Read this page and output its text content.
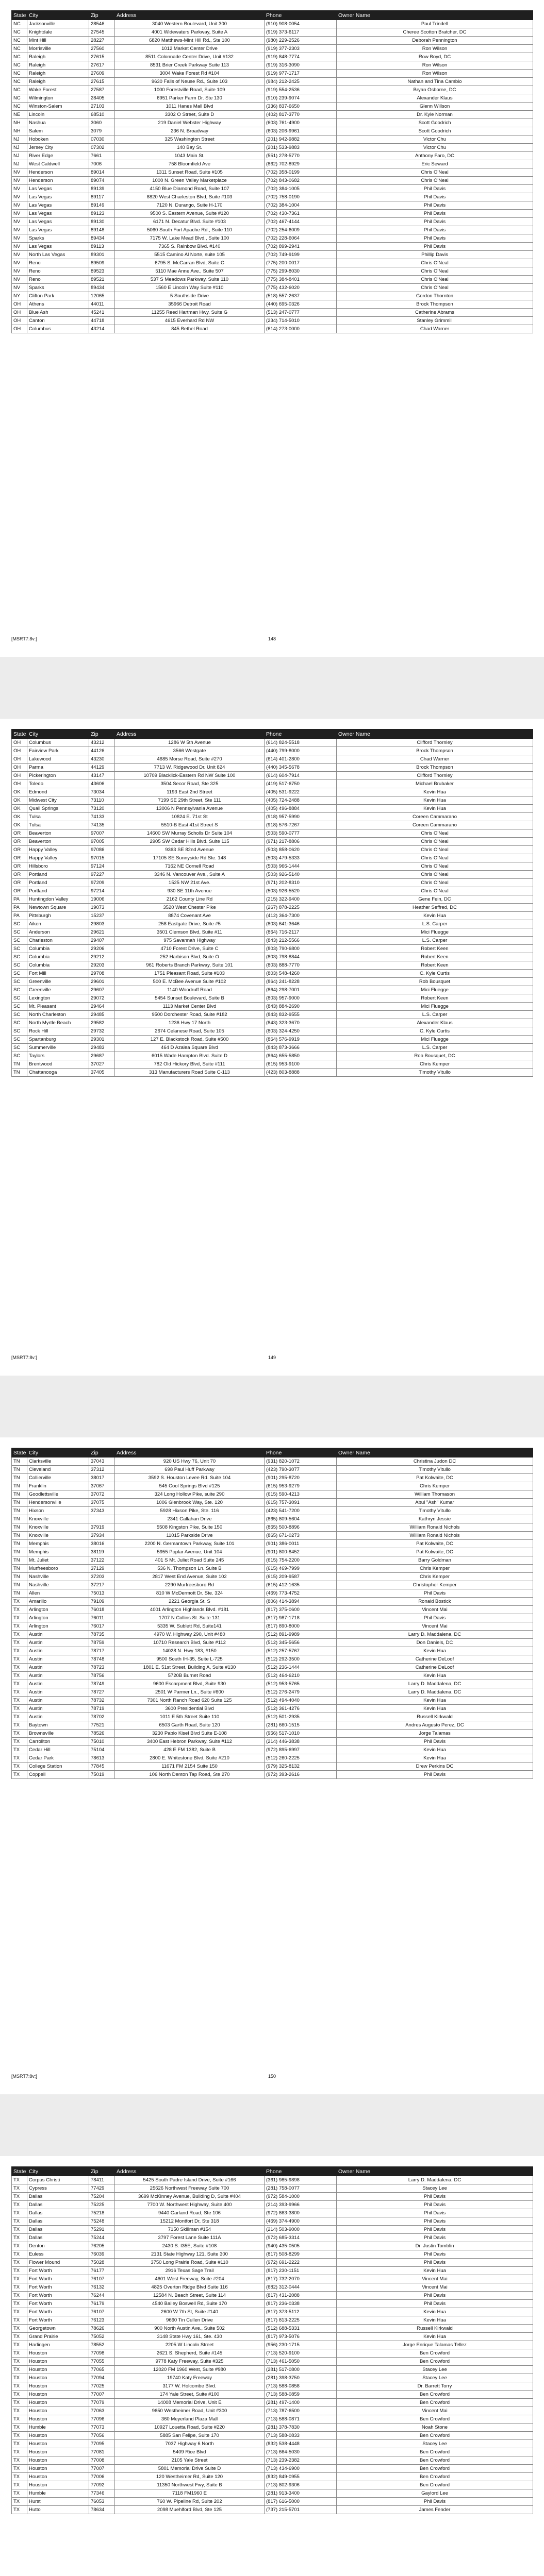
State	City	Zip	Address	Phone	Owner Name
NC	Jacksonville	28546	3040 Western Boulevard, Unit 300	(910) 908-0054	Paul Trindell
NC	Knightdale	27545	4001 Widewaters Parkway, Suite A	(919) 373-6117	Cheree Scotton Bratcher, DC
NC	Mint Hill	28227	6820 Matthews-Mint Hill Rd., Ste 100	(980) 229-2526	Deborah Pennington
NC	Morrisville	27560	1012 Market Center Drive	(919) 377-2303	Ron Wilson
NC	Raleigh	27615	8511 Colonnade Center Drive, Unit #132	(919) 848-7774	Row Boyd, DC
NC	Raleigh	27617	8531 Brier Creek Parkway Suite 113	(919) 316-3090	Ron Wilson
NC	Raleigh	27609	3004 Wake Forest Rd #104	(919) 977-1717	Ron Wilson
NC	Raleigh	27615	9630 Falls of Neuse Rd., Suite 103	(984) 212-2425	Nathan and Tina Cambio
NC	Wake Forest	27587	1000 Forestville Road, Suite 109	(919) 554-2536	Bryan Osborne, DC
NC	Wilmington	28405	6951 Parker Farm Dr. Ste 130	(910) 239-9074	Alexander Klaus
NC	Winston-Salem	27103	1011 Hanes Mall Blvd	(336) 837-6650	Glenn Willson
NE	Lincoln	68510	3302 O Street, Suite D	(402) 817-3770	Dr. Kyle Norman
NH	Nashua	3060	219 Daniel Webster Highway	(603) 761-4900	Scott Goodrich
NH	Salem	3079	236 N. Broadway	(603) 206-9961	Scott Goodrich
NJ	Hoboken	07030	325 Washington Street	(201) 942-9882	Victor Chu
NJ	Jersey City	07302	140 Bay St.	(201) 533-9883	Victor Chu
NJ	River Edge	7661	1043 Main St.	(551) 278-5770	Anthony Faro, DC
NJ	West Caldwell	7006	758 Bloomfield Ave	(862) 702-8929	Eric Seward
NV	Henderson	89014	1311 Sunset Road, Suite #105	(702) 358-0199	Chris O'Neal
NV	Henderson	89074	1000 N. Green Valley Marketplace	(702) 843-0682	Chris O'Neal
NV	Las Vegas	89139	4150 Blue Diamond Road, Suite 107	(702) 384-1005	Phil Davis
NV	Las Vegas	89117	8820 West Charleston Blvd, Suite #103	(702) 758-0190	Phil Davis
NV	Las Vegas	89149	7120 N. Durango, Suite H-170	(702) 384-1004	Phil Davis
NV	Las Vegas	89123	9500 S. Eastern Avenue, Suite #120	(702) 430-7361	Phil Davis
NV	Las Vegas	89130	6171 N. Decatur Blvd. Suite #103	(702) 467-4144	Phil Davis
NV	Las Vegas	89148	5060 South Fort Apache Rd., Suite 110	(702) 254-6009	Phil Davis
NV	Sparks	89434	7175 W. Lake Mead Blvd., Suite 100	(702) 228-6064	Phil Davis
NV	Las Vegas	89113	7365 S. Rainbow Blvd. #140	(702) 899-2941	Phil Davis
NV	North Las Vegas	89301	5515 Camino Al Norte, suite 105	(702) 749-9199	Phillip Davis
NV	Reno	89509	6795 S. McCarran Blvd, Suite C	(775) 200-0017	Chris O'Neal
NV	Reno	89523	5110 Mae Anne Ave., Suite 507	(775) 299-8030	Chris O'Neal
NV	Reno	89521	537 S Meadows Parkway, Suite 110	(775) 384-8401	Chris O'Neal
NV	Sparks	89434	1560 E Lincoln Way Suite #110	(775) 432-6020	Chris O'Neal
NY	Clifton Park	12065	5 Southside Drive	(518) 557-2637	Gordon Thornton
OH	Athens	44011	35966 Detroit Road	(440) 695-0326	Brock Thompson
OH	Blue Ash	45241	11255 Reed Hartman Hwy. Suite G	(513) 247-0777	Catherine Abrams
OH	Canton	44718	4615 Everhard Rd NW	(234) 714-5010	Stanley Grimmill
OH	Columbus	43214	845 Bethel Road	(614) 273-0000	Chad Warner
148
[MSRT7:8v:]
State	City	Zip	Address	Phone	Owner Name
OH	Columbus	43212	1286 W 5th Avenue	(614) 824-5518	Clifford Thornley
OH	Fairview Park	44126	3566 Westgate	(440) 799-8000	Brock Thompson
OH	Lakewood	43230	4685 Morse Road, Suite #270	(614) 401-2800	Chad Warner
OH	Parma	44129	7713 W. Ridgewood Dr. Unit 824	(440) 345-5678	Brock Thompson
OH	Pickerington	43147	10709 Blacklick-Eastern Rd NW Suite 100	(614) 604-7914	Clifford Thornley
OH	Toledo	43606	3504 Secor Road, Ste 325	(419) 517-6750	Michael Brubaker
OK	Edmond	73034	1193 East 2nd Street	(405) 531-9222	Kevin Hua
OK	Midwest City	73110	7199 SE 29th Street, Ste 111	(405) 724-2488	Kevin Hua
OK	Quail Springs	73120	13006 N Pennsylvania Avenue	(405) 496-8884	Kevin Hua
OK	Tulsa	74133	10824 E. 71st St	(918) 957-5990	Coreen Cammarano
OK	Tulsa	74135	5510-B East 41st Street S	(918) 576-7267	Coreen Cammarano
OR	Beaverton	97007	14600 SW Murray Scholls Dr Suite 104	(503) 590-0777	Chris O'Neal
OR	Beaverton	97005	2905 SW Cedar Hills Blvd. Suite 115	(971) 217-8806	Chris O'Neal
OR	Happy Valley	97086	9363 SE 82nd Avenue	(503) 858-0620	Chris O'Neal
OR	Happy Valley	97015	17105 SE Sunnyside Rd Ste. 148	(503) 479-5333	Chris O'Neal
OR	Hillsboro	97124	7162 NE Cornell Road	(503) 966-1444	Chris O'Neal
OR	Portland	97227	3346 N. Vancouver Ave., Suite A	(503) 926-5140	Chris O'Neal
OR	Portland	97209	1525 NW 21st Ave.	(971) 202-8310	Chris O'Neal
OR	Portland	97214	930 SE 11th Avenue	(503) 926-5520	Chris O'Neal
PA	Huntingdon Valley	19006	2162 County Line Rd	(215) 322-9400	Gene Fein, DC
PA	Newtown Square	19073	3520 West Chester Pike	(267) 878-2225	Heather Seffred, DC
PA	Pittsburgh	15237	8874 Covenant Ave	(412) 364-7300	Kevin Hua
SC	Aiken	29803	258 Eastgate Drive, Suite #5	(803) 641-3646	L.S. Carper
SC	Anderson	29621	3501 Clemson Blvd, Suite #11	(864) 716-2117	Mici Fluegge
SC	Charleston	29407	975 Savannah Highway	(843) 212-5566	L.S. Carper
SC	Columbia	29206	4710 Forest Drive, Suite C	(803) 790-6800	Robert Keen
SC	Columbia	29212	252 Harbison Blvd, Suite O	(803) 798-8844	Robert Keen
SC	Columbia	29203	961 Roberts Branch Parkway, Suite 101	(803) 888-7770	Robert Keen
SC	Fort Mill	29708	1751 Pleasant Road, Suite #103	(803) 548-4260	C. Kyle Curtis
SC	Greenville	29601	500 E. McBee Avenue Suite #102	(864) 241-8228	Rob Bousquet
SC	Greenville	29607	1140 Woodruff Road	(864) 298-7001	Mici Fluegge
SC	Lexington	29072	5454 Sunset Boulevard, Suite B	(803) 957-9000	Robert Keen
SC	Mt. Pleasant	29464	1113 Market Center Blvd	(843) 884-2690	Mici Fluegge
SC	North Charleston	29485	9500 Dorchester Road, Suite #182	(843) 832-9555	L.S. Carper
SC	North Myrtle Beach	29582	1236 Hwy 17 North	(843) 323-3670	Alexander Klaus
SC	Rock Hill	29732	2674 Celanese Road, Suite 105	(803) 324-4250	C. Kyle Curtis
SC	Spartanburg	29301	127 E. Blackstock Road, Suite #500	(864) 576-9919	Mici Fluegge
SC	Summerville	29483	464 D Azalea Square Blvd	(843) 873-3666	L.S. Carper
SC	Taylors	29687	6015 Wade Hampton Blvd. Suite D	(864) 655-5850	Rob Bousquet, DC
TN	Brentwood	37027	782 Old Hickory Blvd, Suite #111	(615) 953-9100	Chris Kemper
TN	Chattanooga	37405	313 Manufacturers Road Suite C-113	(423) 803-8888	Timothy Vitullo
149
[MSRT7:8v:]
State	City	Zip	Address	Phone	Owner Name
TN	Clarksville	37043	920 US Hwy 76, Unit 70	(931) 820-1072	Christina Judon DC
TN	Cleveland	37312	698 Paul Huff Parkway	(423) 790-3077	Timothy Vitullo
TN	Collierville	38017	3592 S. Houston Levee Rd. Suite 104	(901) 295-8720	Pat Kolwaite, DC
TN	Franklin	37067	545 Cool Springs Blvd #125	(615) 953-9279	Chris Kemper
TN	Goodlettsville	37072	324 Long Hollow Pike, suite 290	(615) 590-4213	William Thomason
TN	Hendersonville	37075	1006 Glenbrook Way, Ste. 120	(615) 757-3091	Abul "Ash" Kumar
TN	Hixson	37343	5928 Hixson Pike, Ste. 116	(423) 541-7200	Timothy Vitullo
TN	Knoxville		2341 Callahan Drive	(865) 809-5604	Kathryn Jessie
TN	Knoxville	37919	5508 Kingston Pike, Suite 150	(865) 500-8896	William Ronald Nichols
TN	Knoxville	37934	11015 Parkside Drive	(865) 671-0273	William Ronald Nichols
TN	Memphis	38016	2200 N. Germantown Parkway, Suite 101	(901) 386-0011	Pat Kolwaite, DC
TN	Memphis	38119	5955 Poplar Avenue, Unit 104	(901) 800-8452	Pat Kolwaite, DC
TN	Mt. Juliet	37122	401 S Mt. Juliet Road Suite 245	(615) 754-2200	Barry Goldman
TN	Murfreesboro	37129	536 N. Thompson Ln. Suite B	(615) 469-7999	Chris Kemper
TN	Nashville	37203	2817 West End Avenue, Suite 102	(615) 209-9587	Chris Kemper
TN	Nashville	37217	2290 Murfreesboro Rd	(615) 412-1635	Christopher Kemper
TN	Allen	75013	810 W McDermott Dr. Ste. 324	(469) 773-4752	Phil Davis
TX	Amarillo	79109	2221 Georgia St. S	(806) 414-3894	Ronald Bostick
TX	Arlington	76018	4001 Arlington Highlands Blvd. #181	(817) 375-0600	Vincent Mai
TX	Arlington	76011	1707 N Collins St. Suite 131	(817) 987-1718	Phil Davis
TX	Arlington	76017	5335 W. Sublett Rd, Suite141	(817) 890-8000	Vincent Mai
TX	Austin	78735	4970 W. Highway 290, Unit #480	(512) 891-9989	Larry D. Maddalena, DC
TX	Austin	78759	10710 Research Blvd, Suite #112	(512) 345-5656	Don Daniels, DC
TX	Austin	78717	14028 N. Hwy 183, #150	(512) 257-5767	Kevin Hua
TX	Austin	78748	9500 South IH-35, Suite L-725	(512) 292-3500	Catherine DeLoof
TX	Austin	78723	1801 E. 51st Street, Building A, Suite #130	(512) 236-1444	Catherine DeLoof
TX	Austin	78756	5720B Burnet Road	(512) 464-6210	Kevin Hua
TX	Austin	78749	9600 Escarpment Blvd, Suite 930	(512) 953-5765	Larry D. Maddalena, DC
TX	Austin	78727	2501 W Parmer Ln., Suite #600	(512) 276-2479	Larry D. Maddalena, DC
TX	Austin	78732	7301 North Ranch Road 620 Suite 125	(512) 494-4040	Kevin Hua
TX	Austin	78719	3600 Presidential Blvd	(512) 361-4276	Kevin Hua
TX	Austin	78702	1011 E 5th Street Suite 110	(512) 501-2935	Russell Kirkwald
TX	Baytown	77521	6503 Garth Road, Suite 120	(281) 660-1515	Andres Augusto Perez, DC
TX	Brownsville	78526	3230 Pablo Kisel Blvd Suite E-108	(956) 517-1010	Jorge Talamas
TX	Carrollton	75010	3400 East Hebron Parkway, Suite #112	(214) 446-3838	Phil Davis
TX	Cedar Hill	75104	428 E FM 1382, Suite B	(972) 895-6997	Kevin Hua
TX	Cedar Park	78613	2800 E. Whitestone Blvd, Suite #210	(512) 260-2225	Kevin Hua
TX	College Station	77845	11671 FM 2154 Suite 150	(979) 325-8132	Drew Perkins DC
TX	Coppell	75019	106 North Denton Tap Road, Ste 270	(972) 393-2616	Phil Davis
150
[MSRT7:8v:]
State	City	Zip	Address	Phone	Owner Name
TX	Corpus Christi	78411	5425 South Padre Island Drive, Suite #166	(361) 985-9898	Larry D. Maddalena, DC
TX	Cypress	77429	25626 Northwest Freeway Suite 700	(281) 758-0077	Stacey Lee
TX	Dallas	75204	3699 McKinney Avenue, Building D, Suite #404	(972) 584-1000	Phil Davis
TX	Dallas	75225	7700 W. Northwest Highway, Suite 400	(214) 393-9966	Phil Davis
TX	Dallas	75218	9440 Garland Road, Ste 106	(972) 863-3800	Phil Davis
TX	Dallas	75248	15212 Montfort Dr, Ste 318	(469) 374-4900	Phil Davis
TX	Dallas	75291	7150 Skillman #154	(214) 503-9000	Phil Davis
TX	Dallas	75244	3797 Forest Lane Suite 111A	(972) 685-3314	Phil Davis
TX	Denton	76205	2430 S. I35E, Suite #108	(940) 435-0505	Dr. Justin Tomblin
TX	Euless	76039	2131 State Highway 121, Suite 300	(817) 508-8299	Phil Davis
TX	Flower Mound	75028	3750 Long Prairie Road, Suite #110	(972) 691-2222	Phil Davis
TX	Fort Worth	76177	2916 Texas Sage Trail	(817) 230-1151	Kevin Hua
TX	Fort Worth	76107	4601 West Freeway, Suite #204	(817) 732-2070	Vincent Mai
TX	Fort Worth	76132	4825 Overton Ridge Blvd Suite 116	(682) 312-0444	Vincent Mai
TX	Fort Worth	76244	12584 N. Beach Street, Suite 114	(817) 431-2088	Phil Davis
TX	Fort Worth	76179	4540 Bailey Boswell Rd, Suite 170	(817) 236-0338	Phil Davis
TX	Fort Worth	76107	2600 W 7th St, Suite #140	(817) 373-5112	Kevin Hua
TX	Fort Worth	76123	9660 Tin Cullen Drive	(817) 813-2225	Kevin Hua
TX	Georgetown	78626	900 North Austin Ave., Suite 502	(512) 688-5331	Russell Kirkwald
TX	Grand Prairie	75052	3148 State Hwy 161, Ste. 430	(817) 973-5076	Kevin Hua
TX	Harlingen	78552	2205 W Lincoln Street	(956) 230-1715	Jorge Enrique Talamas Tellez
TX	Houston	77098	2621 S. Shepherd, Suite #145	(713) 520-9100	Ben Crowford
TX	Houston	77055	9778 Katy Freeway, Suite #325	(713) 461-5050	Ben Crowford
TX	Houston	77065	12020 FM 1960 West, Suite #980	(281) 517-0800	Stacey Lee
TX	Houston	77094	19740 Katy Freeway	(281) 398-3750	Stacey Lee
TX	Houston	77025	3177 W. Holcombe Blvd.	(713) 588-0858	Dr. Barrett Torry
TX	Houston	77007	174 Yale Street, Suite #100	(713) 588-0859	Ben Crowford
TX	Houston	77079	14008 Memorial Drive, Unit E	(281) 497-1400	Ben Crowford
TX	Houston	77063	9650 Westheimer Road, Unit #300	(713) 787-6500	Vincent Mai
TX	Houston	77096	360 Meyerland Plaza Mall	(713) 588-0871	Ben Crowford
TX	Humble	77073	10927 Louetta Road, Suite #220	(281) 378-7830	Noah Stone
TX	Houston	77056	5885 San Felipe, Suite 170	(713) 588-0833	Ben Crowford
TX	Houston	77095	7037 Highway 6 North	(832) 538-4448	Stacey Lee
TX	Houston	77081	5409 Rice Blvd	(713) 664-5030	Ben Crowford
TX	Houston	77008	2105 Yale Street	(713) 239-2382	Ben Crowford
TX	Houston	77007	5801 Memorial Drive Suite D	(713) 434-6900	Ben Crowford
TX	Houston	77006	120 Westheimer Rd, Suite 120	(832) 849-0955	Ben Crowford
TX	Houston	77092	11350 Northwest Fwy, Suite B	(713) 802-9306	Ben Crowford
TX	Humble	77346	7118 FM1960 E	(281) 913-3400	Gaylord Lee
TX	Hurst	76053	760 W. Pipeline Rd, Suite 202	(817) 616-5000	Phil Davis
TX	Hutto	78634	2098 Muehlford Blvd, Ste 125	(737) 215-5701	James Fender
